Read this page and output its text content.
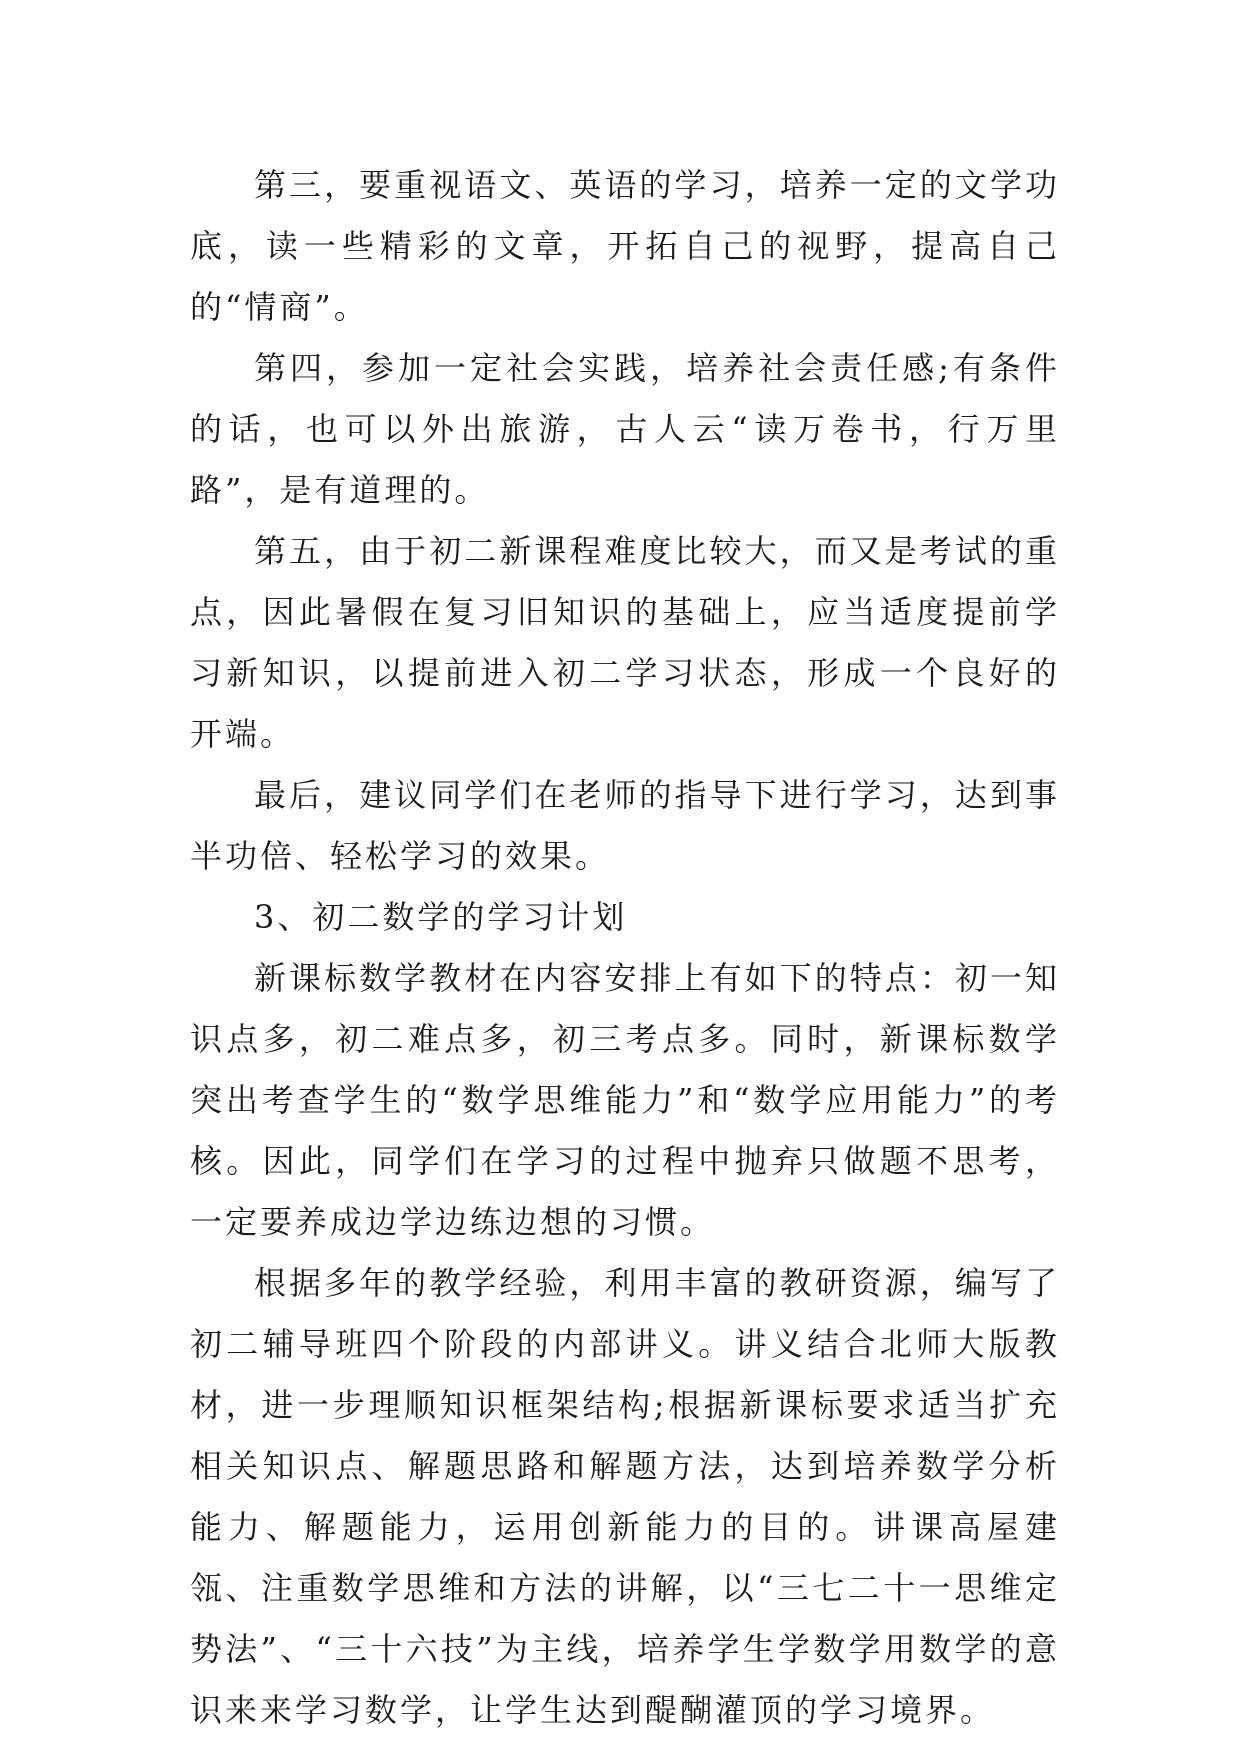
第三，要重视语文、英语的学习，培养一定的文学功底，读一些精彩的文章，开拓自己的视野，提高自己的“情商”。

第四，参加一定社会实践，培养社会责任感;有条件的话，也可以外出旅游，古人云“读万卷书，行万里路”，是有道理的。

第五，由于初二新课程难度比较大，而又是考试的重点，因此暑假在复习旧知识的基础上，应当适度提前学习新知识，以提前进入初二学习状态，形成一个良好的开端。

最后，建议同学们在老师的指导下进行学习，达到事半功倍、轻松学习的效果。

3、初二数学的学习计划

新课标数学教材在内容安排上有如下的特点：初一知识点多，初二难点多，初三考点多。同时，新课标数学突出考查学生的“数学思维能力”和“数学应用能力”的考核。因此，同学们在学习的过程中抛弃只做题不思考，一定要养成边学边练边想的习惯。

根据多年的教学经验，利用丰富的教研资源，编写了初二辅导班四个阶段的内部讲义。讲义结合北师大版教材，进一步理顺知识框架结构;根据新课标要求适当扩充相关知识点、解题思路和解题方法，达到培养数学分析能力、解题能力，运用创新能力的目的。讲课高屋建瓴、注重数学思维和方法的讲解，以“三七二十一思维定势法”、“三十六技”为主线，培养学生学数学用数学的意识来来学习数学，让学生达到醍醐灌顶的学习境界。
